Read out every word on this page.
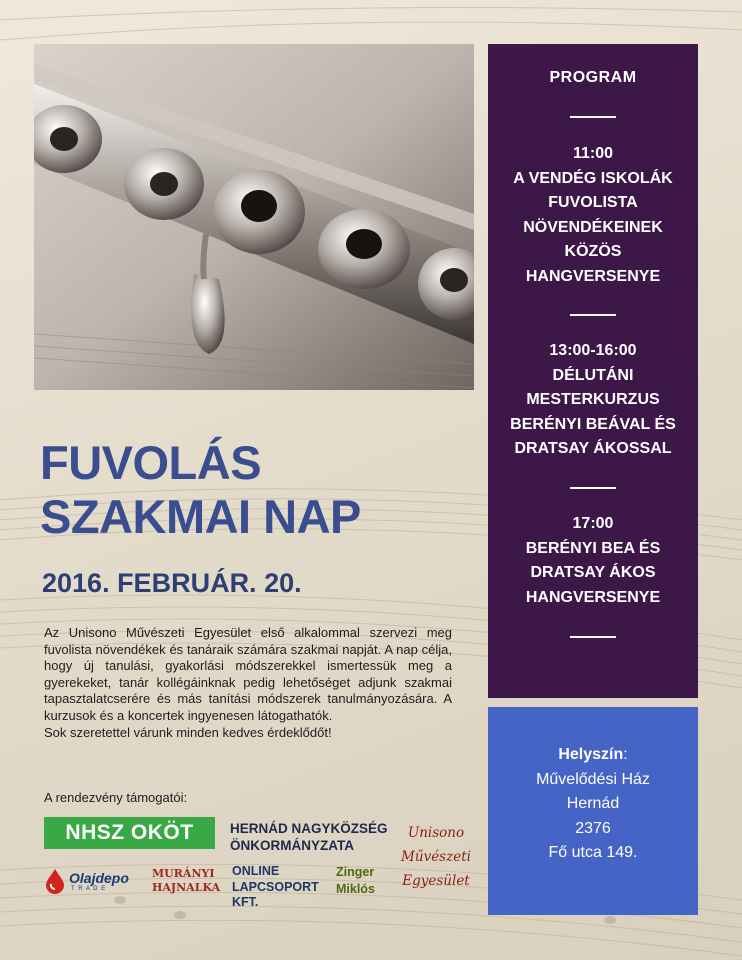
FUVOLÁS
SZAKMAI NAP
2016. FEBRUÁR. 20.

Az Unisono Művészeti Egyesület első alkalommal szervezi meg fuvolista növendékek és tanáraik számára szakmai napját. A nap célja, hogy új tanulási, gyakorlási módszerekkel ismertessük meg a gyerekeket, tanár kollégáinknak pedig lehetőséget adjunk szakmai tapasztalatcserére és más tanítási módszerek tanulmányozására. A kurzusok és a koncertek ingyenesen látogathatók.

Sok szeretettel várunk minden kedves érdeklődőt!

A rendezvény támogatói:
NHSZ OKÖT	HERNÁD NAGYKÖZSÉG
ÖNKORMÁNYZATA
Unisono
Művészeti
Egyesület
Olajdepo
T R A D E
MURÁNYI
HAJNALKA
ONLINE
LAPCSOPORT
KFT.
Zinger
Miklós
PROGRAM
11:00
A VENDÉG ISKOLÁK
FUVOLISTA
NÖVENDÉKEINEK
KÖZÖS
HANGVERSENYE
13:00-16:00
DÉLUTÁNI
MESTERKURZUS
BERÉNYI BEÁVAL ÉS
DRATSAY ÁKOSSAL
17:00
BERÉNYI BEA ÉS
DRATSAY ÁKOS
HANGVERSENYE
Helyszín:
Művelődési Ház
Hernád
2376
Fő utca 149.
